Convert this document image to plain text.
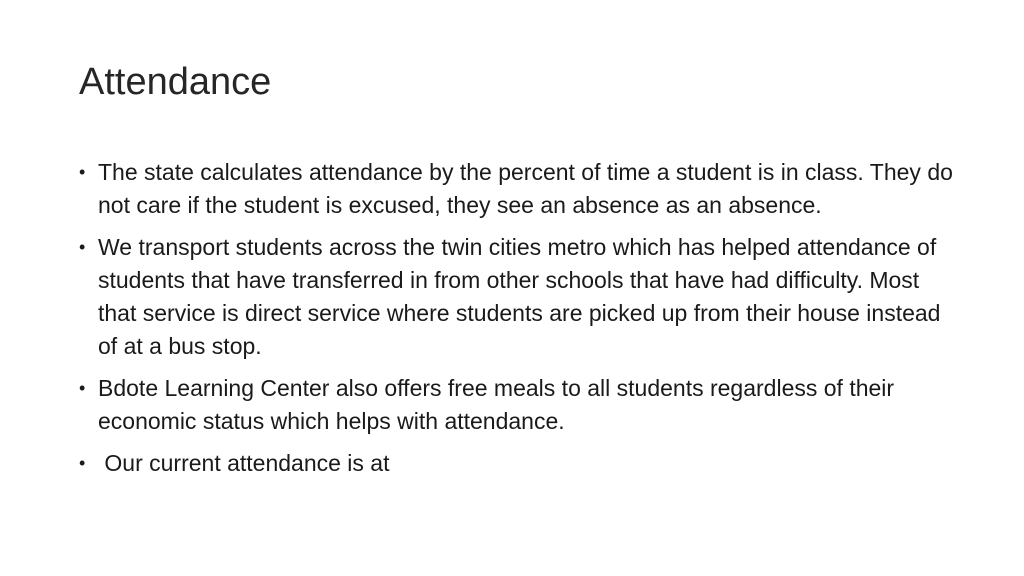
Attendance
• The state calculates attendance by the percent of time a student is in class. They do not care if the student is excused, they see an absence as an absence.
• We transport students across the twin cities metro which has helped attendance of students that have transferred in from other schools that have had difficulty. Most that service is direct service where students are picked up from their house instead of at a bus stop.
• Bdote Learning Center also offers free meals to all students regardless of their economic status which helps with attendance.
• Our current attendance is at
